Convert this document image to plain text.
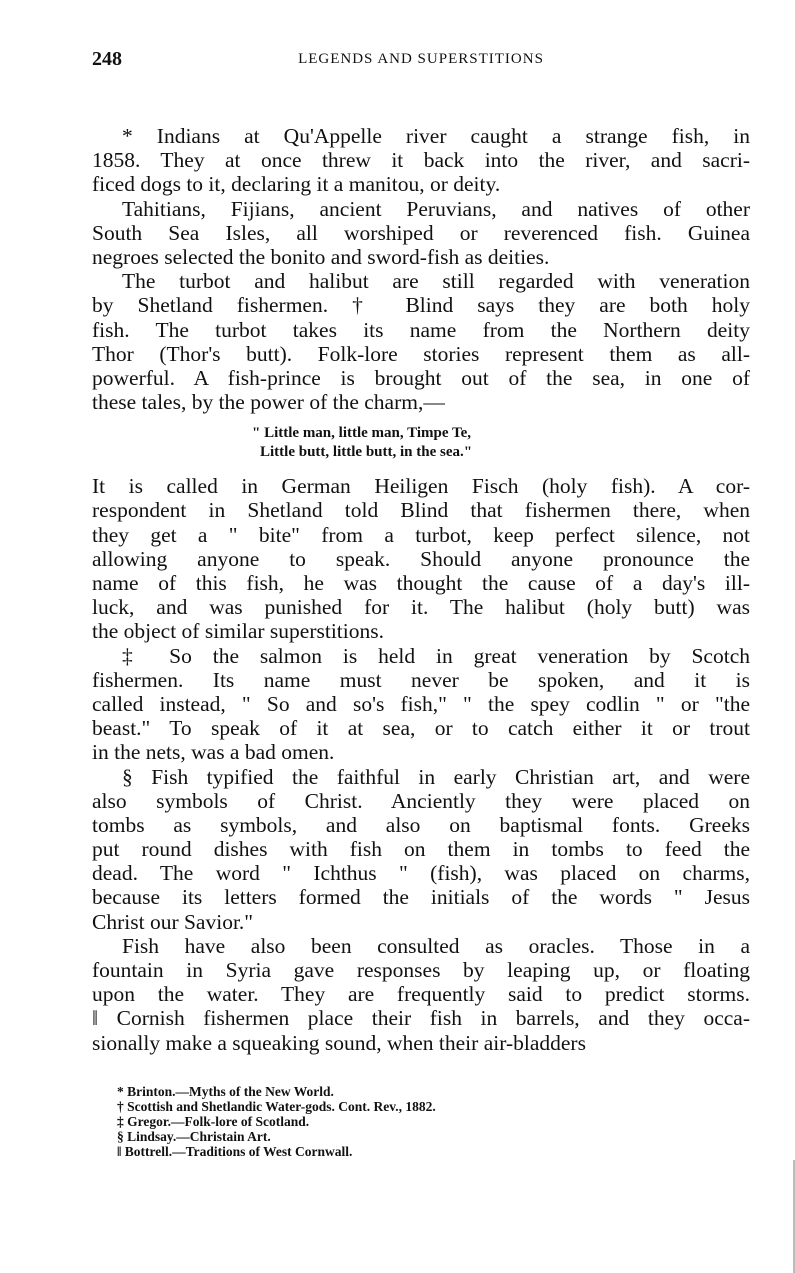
248	LEGENDS AND SUPERSTITIONS
* Indians at Qu'Appelle river caught a strange fish, in
1858. They at once threw it back into the river, and sacri-
ficed dogs to it, declaring it a manitou, or deity.
Tahitians, Fijians, ancient Peruvians, and natives of other
South Sea Isles, all worshiped or reverenced fish. Guinea
negroes selected the bonito and sword-fish as deities.
The turbot and halibut are still regarded with veneration
by Shetland fishermen. † Blind says they are both holy
fish. The turbot takes its name from the Northern deity
Thor (Thor's butt). Folk-lore stories represent them as all-
powerful. A fish-prince is brought out of the sea, in one of
these tales, by the power of the charm,—
" Little man, little man, Timpe Te,
Little butt, little butt, in the sea."
It is called in German Heiligen Fisch (holy fish). A cor-
respondent in Shetland told Blind that fishermen there, when
they get a " bite" from a turbot, keep perfect silence, not
allowing anyone to speak. Should anyone pronounce the
name of this fish, he was thought the cause of a day's ill-
luck, and was punished for it. The halibut (holy butt) was
the object of similar superstitions.
‡ So the salmon is held in great veneration by Scotch
fishermen. Its name must never be spoken, and it is
called instead, " So and so's fish," " the spey codlin " or "the
beast." To speak of it at sea, or to catch either it or trout
in the nets, was a bad omen.
§ Fish typified the faithful in early Christian art, and were
also symbols of Christ. Anciently they were placed on
tombs as symbols, and also on baptismal fonts. Greeks
put round dishes with fish on them in tombs to feed the
dead. The word " Ichthus " (fish), was placed on charms,
because its letters formed the initials of the words " Jesus
Christ our Savior."
Fish have also been consulted as oracles. Those in a
fountain in Syria gave responses by leaping up, or floating
upon the water. They are frequently said to predict storms.
‖ Cornish fishermen place their fish in barrels, and they occa-
sionally make a squeaking sound, when their air-bladders
* Brinton.—Myths of the New World.
† Scottish and Shetlandic Water-gods. Cont. Rev., 1882.
‡ Gregor.—Folk-lore of Scotland.
§ Lindsay.—Christain Art.
‖ Bottrell.—Traditions of West Cornwall.
